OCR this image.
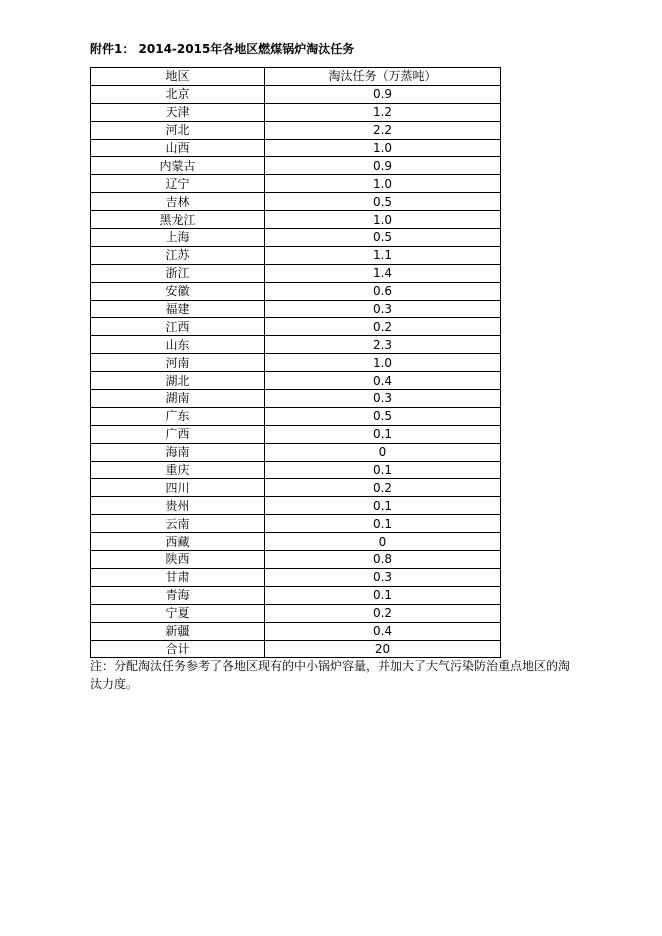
附件1： 2014-2015年各地区燃煤锅炉淘汰任务
地区	淘汰任务（万蒸吨）
北京	0.9
天津	1.2
河北	2.2
山西	1.0
内蒙古	0.9
辽宁	1.0
吉林	0.5
黑龙江	1.0
上海	0.5
江苏	1.1
浙江	1.4
安徽	0.6
福建	0.3
江西	0.2
山东	2.3
河南	1.0
湖北	0.4
湖南	0.3
广东	0.5
广西	0.1
海南	0
重庆	0.1
四川	0.2
贵州	0.1
云南	0.1
西藏	0
陕西	0.8
甘肃	0.3
青海	0.1
宁夏	0.2
新疆	0.4
合计	20
注：分配淘汰任务参考了各地区现有的中小锅炉容量，并加大了大气污染防治重点地区的淘汰力度。
